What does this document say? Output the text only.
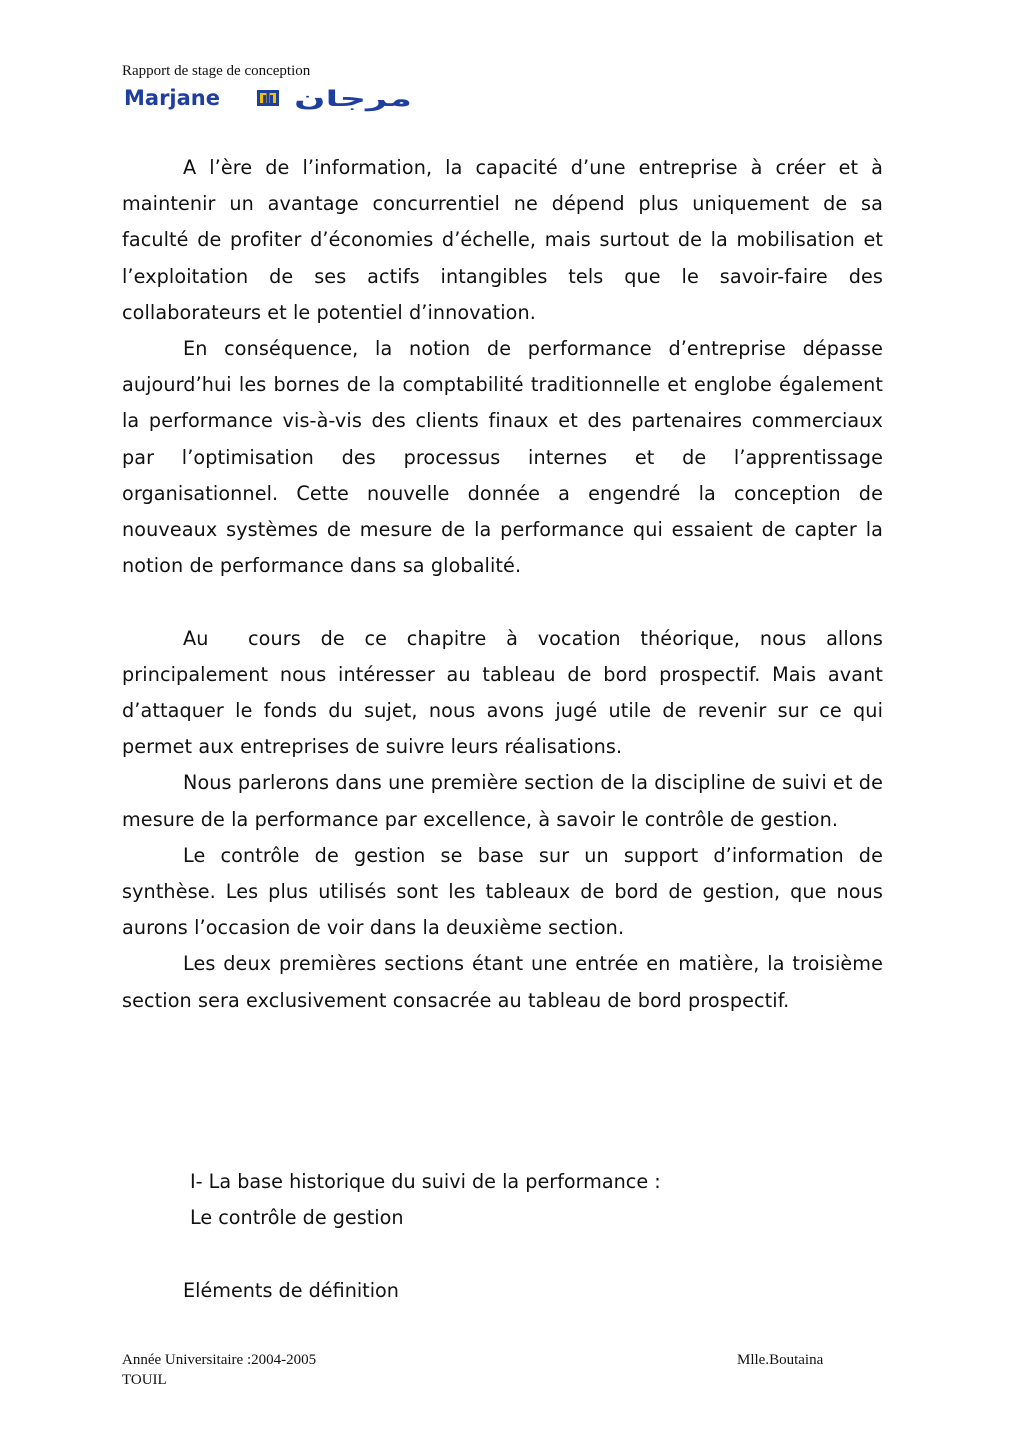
Rapport de stage de conception
Marjane	مرجان

A l’ère de l’information, la capacité d’une entreprise à créer et à maintenir un avantage concurrentiel ne dépend plus uniquement de sa faculté de profiter d’économies d’échelle, mais surtout de la mobilisation et l’exploitation de ses actifs intangibles tels que le savoir-faire des collaborateurs et le potentiel d’innovation.

En conséquence, la notion de performance d’entreprise dépasse aujourd’hui les bornes de la comptabilité traditionnelle et englobe également la performance vis-à-vis des clients finaux et des partenaires commerciaux par l’optimisation des processus internes et de l’apprentissage organisationnel. Cette nouvelle donnée a engendré la conception de nouveaux systèmes de mesure de la performance qui essaient de capter la notion de performance dans sa globalité.

Au  cours de ce chapitre à vocation théorique, nous allons principalement nous intéresser au tableau de bord prospectif. Mais avant d’attaquer le fonds du sujet, nous avons jugé utile de revenir sur ce qui permet aux entreprises de suivre leurs réalisations.

Nous parlerons dans une première section de la discipline de suivi et de mesure de la performance par excellence, à savoir le contrôle de gestion.

Le contrôle de gestion se base sur un support d’information de synthèse. Les plus utilisés sont les tableaux de bord de gestion, que nous aurons l’occasion de voir dans la deuxième section.

Les deux premières sections étant une entrée en matière, la troisième section sera exclusivement consacrée au tableau de bord prospectif.

I- La base historique du suivi de la performance :
Le contrôle de gestion
Eléments de définition
Année Universitaire :2004-2005
TOUIL
Mlle.Boutaina
